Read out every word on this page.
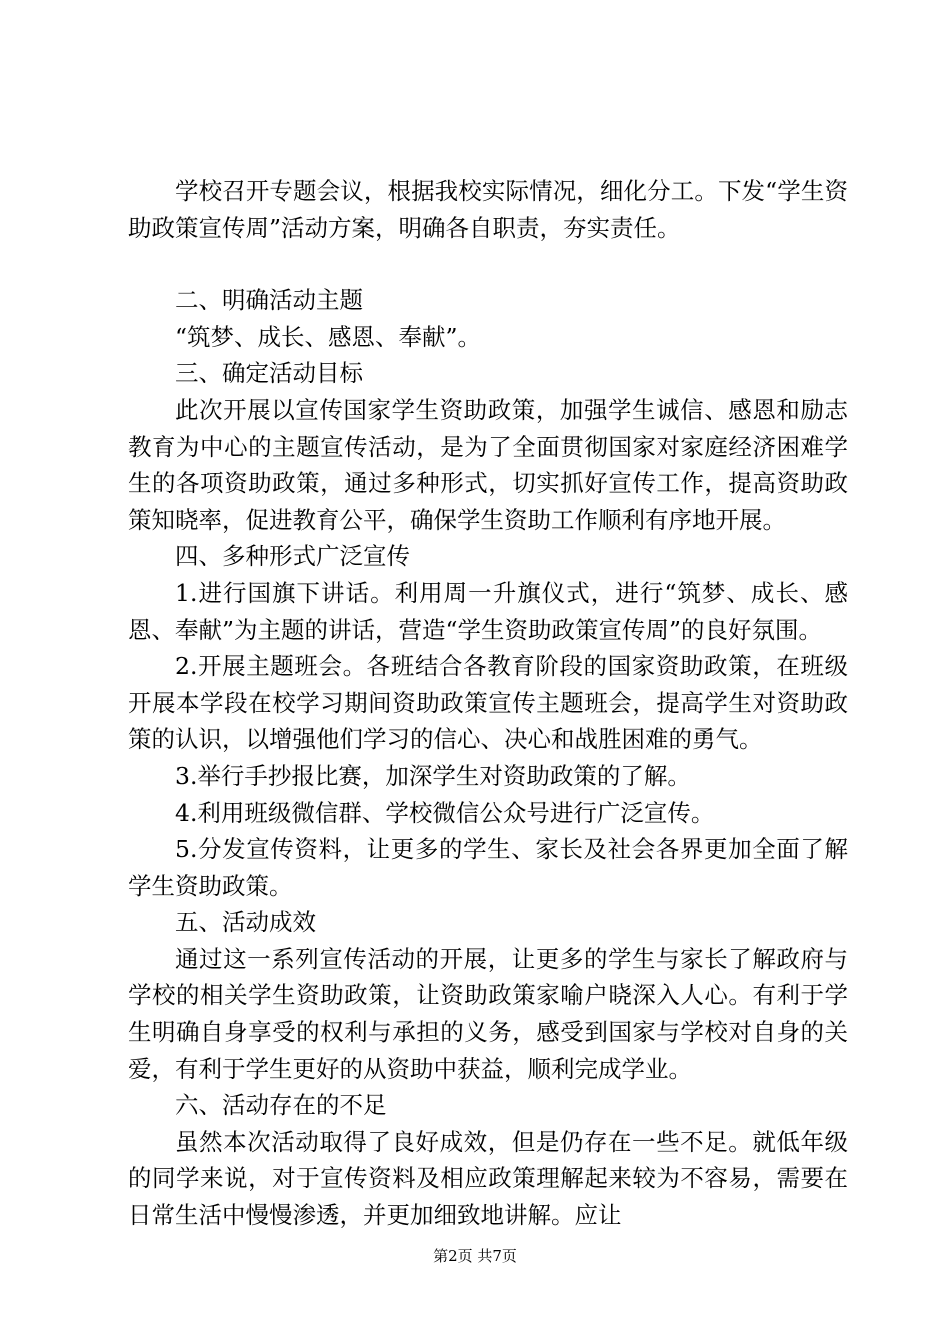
学校召开专题会议，根据我校实际情况，细化分工。下发“学生资助政策宣传周”活动方案，明确各自职责，夯实责任。

二、明确活动主题

“筑梦、成长、感恩、奉献”。

三、确定活动目标

此次开展以宣传国家学生资助政策，加强学生诚信、感恩和励志教育为中心的主题宣传活动，是为了全面贯彻国家对家庭经济困难学生的各项资助政策，通过多种形式，切实抓好宣传工作，提高资助政策知晓率，促进教育公平，确保学生资助工作顺利有序地开展。

四、多种形式广泛宣传

1.进行国旗下讲话。利用周一升旗仪式，进行“筑梦、成长、感恩、奉献”为主题的讲话，营造“学生资助政策宣传周”的良好氛围。

2.开展主题班会。各班结合各教育阶段的国家资助政策，在班级开展本学段在校学习期间资助政策宣传主题班会，提高学生对资助政策的认识，以增强他们学习的信心、决心和战胜困难的勇气。

3.举行手抄报比赛，加深学生对资助政策的了解。

4.利用班级微信群、学校微信公众号进行广泛宣传。

5.分发宣传资料，让更多的学生、家长及社会各界更加全面了解学生资助政策。

五、活动成效

通过这一系列宣传活动的开展，让更多的学生与家长了解政府与学校的相关学生资助政策，让资助政策家喻户晓深入人心。有利于学生明确自身享受的权利与承担的义务，感受到国家与学校对自身的关爱，有利于学生更好的从资助中获益，顺利完成学业。

六、活动存在的不足

虽然本次活动取得了良好成效，但是仍存在一些不足。就低年级的同学来说，对于宣传资料及相应政策理解起来较为不容易，需要在日常生活中慢慢渗透，并更加细致地讲解。应让

第2页 共7页
